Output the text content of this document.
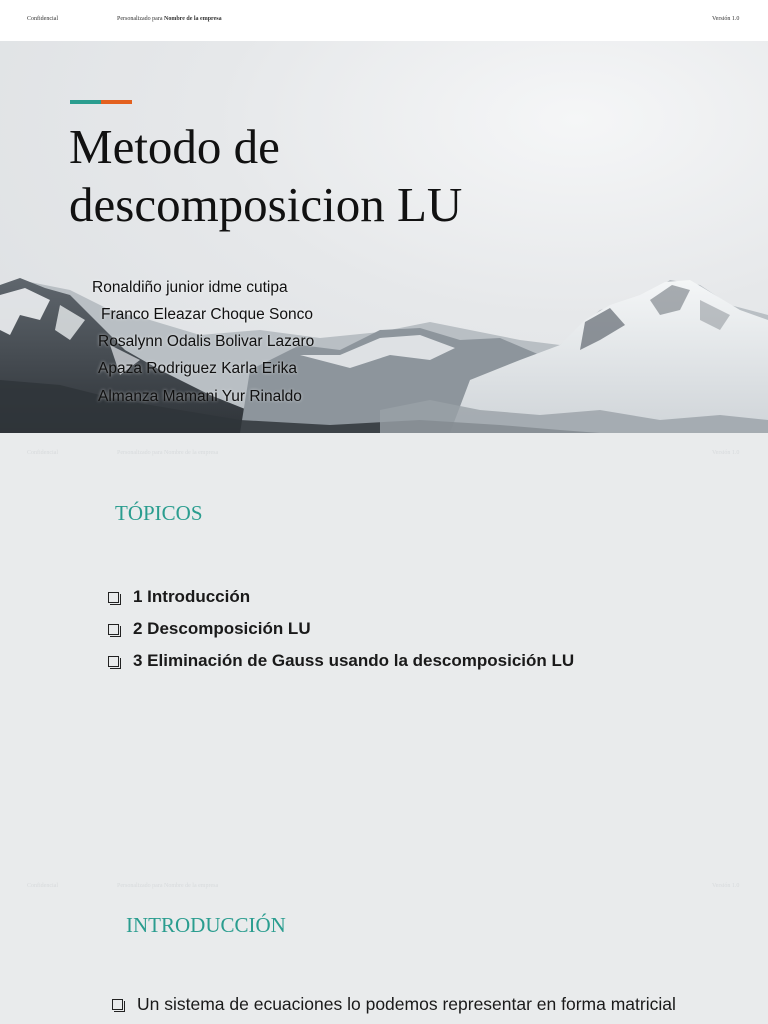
Confidencial	Personalizado para Nombre de la empresa	Versión 1.0
Metodo de
descomposicion LU
Ronaldiño junior idme cutipa
Franco Eleazar Choque Sonco
Rosalynn Odalis Bolivar Lazaro
Apaza Rodriguez Karla Erika
Almanza Mamani Yur Rinaldo
Confidencial	Personalizado para Nombre de la empresa	Versión 1.0
TÓPICOS
1 Introducción
2 Descomposición LU
3 Eliminación de Gauss usando la descomposición LU
Confidencial	Personalizado para Nombre de la empresa	Versión 1.0
INTRODUCCIÓN
Un sistema de ecuaciones lo podemos representar en forma matricial
